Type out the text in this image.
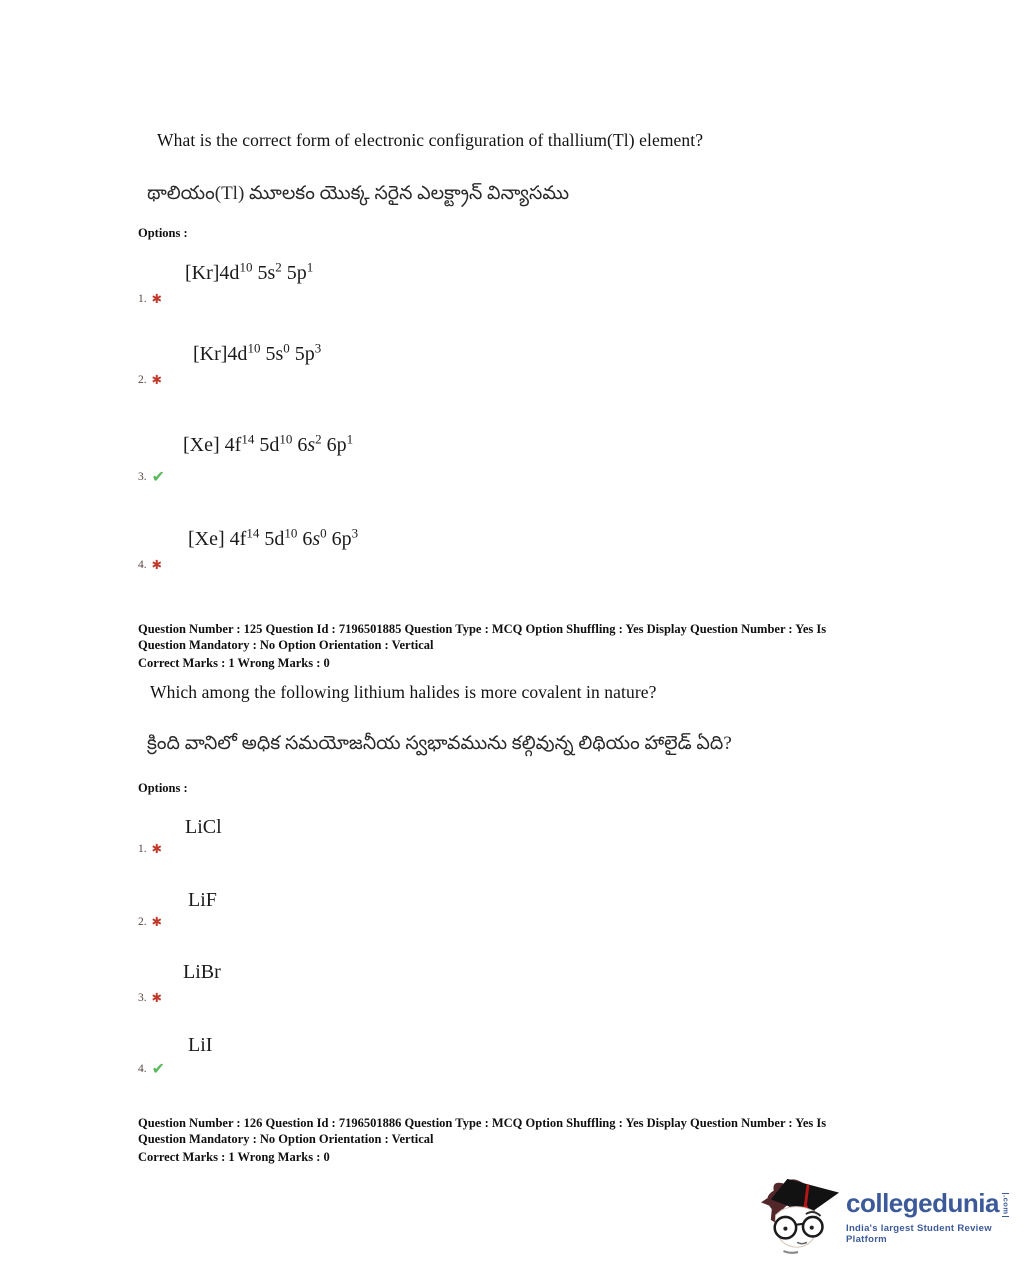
What is the correct form of electronic configuration of thallium(Tl) element?
థాలియం(Tl) మూలకం యొక్క సరైన ఎలక్ట్రాన్ విన్యాసము
Options :
$[Kr]4d^{10}$ $5s^2$ $5p^1$
1. ✱
$[Kr]4d^{10}$ $5s^0$ $5p^3$
2. ✱
[Xe] $4f^{14}$ $5d^{10}$ $6s^2$ $6p^1$
3. ✔
[Xe] $4f^{14}$ $5d^{10}$ $6s^0$ $6p^3$
4. ✱
Question Number : 125 Question Id : 7196501885 Question Type : MCQ Option Shuffling : Yes Display Question Number : Yes Is
Question Mandatory : No Option Orientation : Vertical
Correct Marks : 1 Wrong Marks : 0
Which among the following lithium halides is more covalent in nature?
క్రింది వానిలో అధిక సమయోజనీయ స్వభావమును కల్గివున్న లిథియం హాలైడ్ ఏది?
Options :
LiCl
1. ✱
LiF
2. ✱
LiBr
3. ✱
LiI
4. ✔
Question Number : 126 Question Id : 7196501886 Question Type : MCQ Option Shuffling : Yes Display Question Number : Yes Is
Question Mandatory : No Option Orientation : Vertical
Correct Marks : 1 Wrong Marks : 0
collegedunia .com
India's largest Student Review Platform
